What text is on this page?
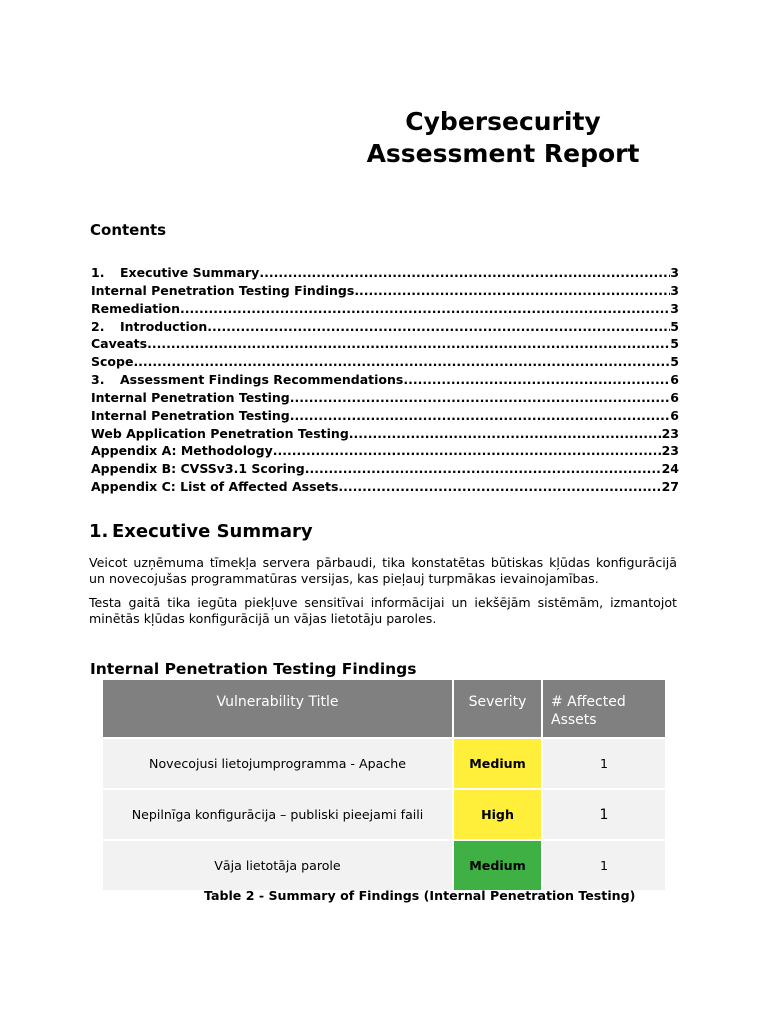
Cybersecurity Assessment Report
Contents
1. Executive Summary .....	3
Internal Penetration Testing Findings .....	3
Remediation .....	3
2. Introduction .....	5
Caveats .....	5
Scope .....	5
3. Assessment Findings Recommendations .....	6
Internal Penetration Testing .....	6
Internal Penetration Testing .....	6
Web Application Penetration Testing .....	23
Appendix A: Methodology .....	23
Appendix B: CVSSv3.1 Scoring .....	24
Appendix C: List of Affected Assets .....	27
1. Executive Summary

Veicot uzņēmuma tīmekļa servera pārbaudi, tika konstatētas būtiskas kļūdas konfigurācijā un novecojušas programmatūras versijas, kas pieļauj turpmākas ievainojamības.

Testa gaitā tika iegūta piekļuve sensitīvai informācijai un iekšējām sistēmām, izmantojot minētās kļūdas konfigurācijā un vājas lietotāju paroles.

Internal Penetration Testing Findings
Vulnerability Title	Severity	# Affected Assets
Novecojusi lietojumprogramma - Apache	Medium	1
Nepilnīga konfigurācija – publiski pieejami faili	High	1
Vāja lietotāja parole	Medium	1
Table 2 - Summary of Findings (Internal Penetration Testing)
